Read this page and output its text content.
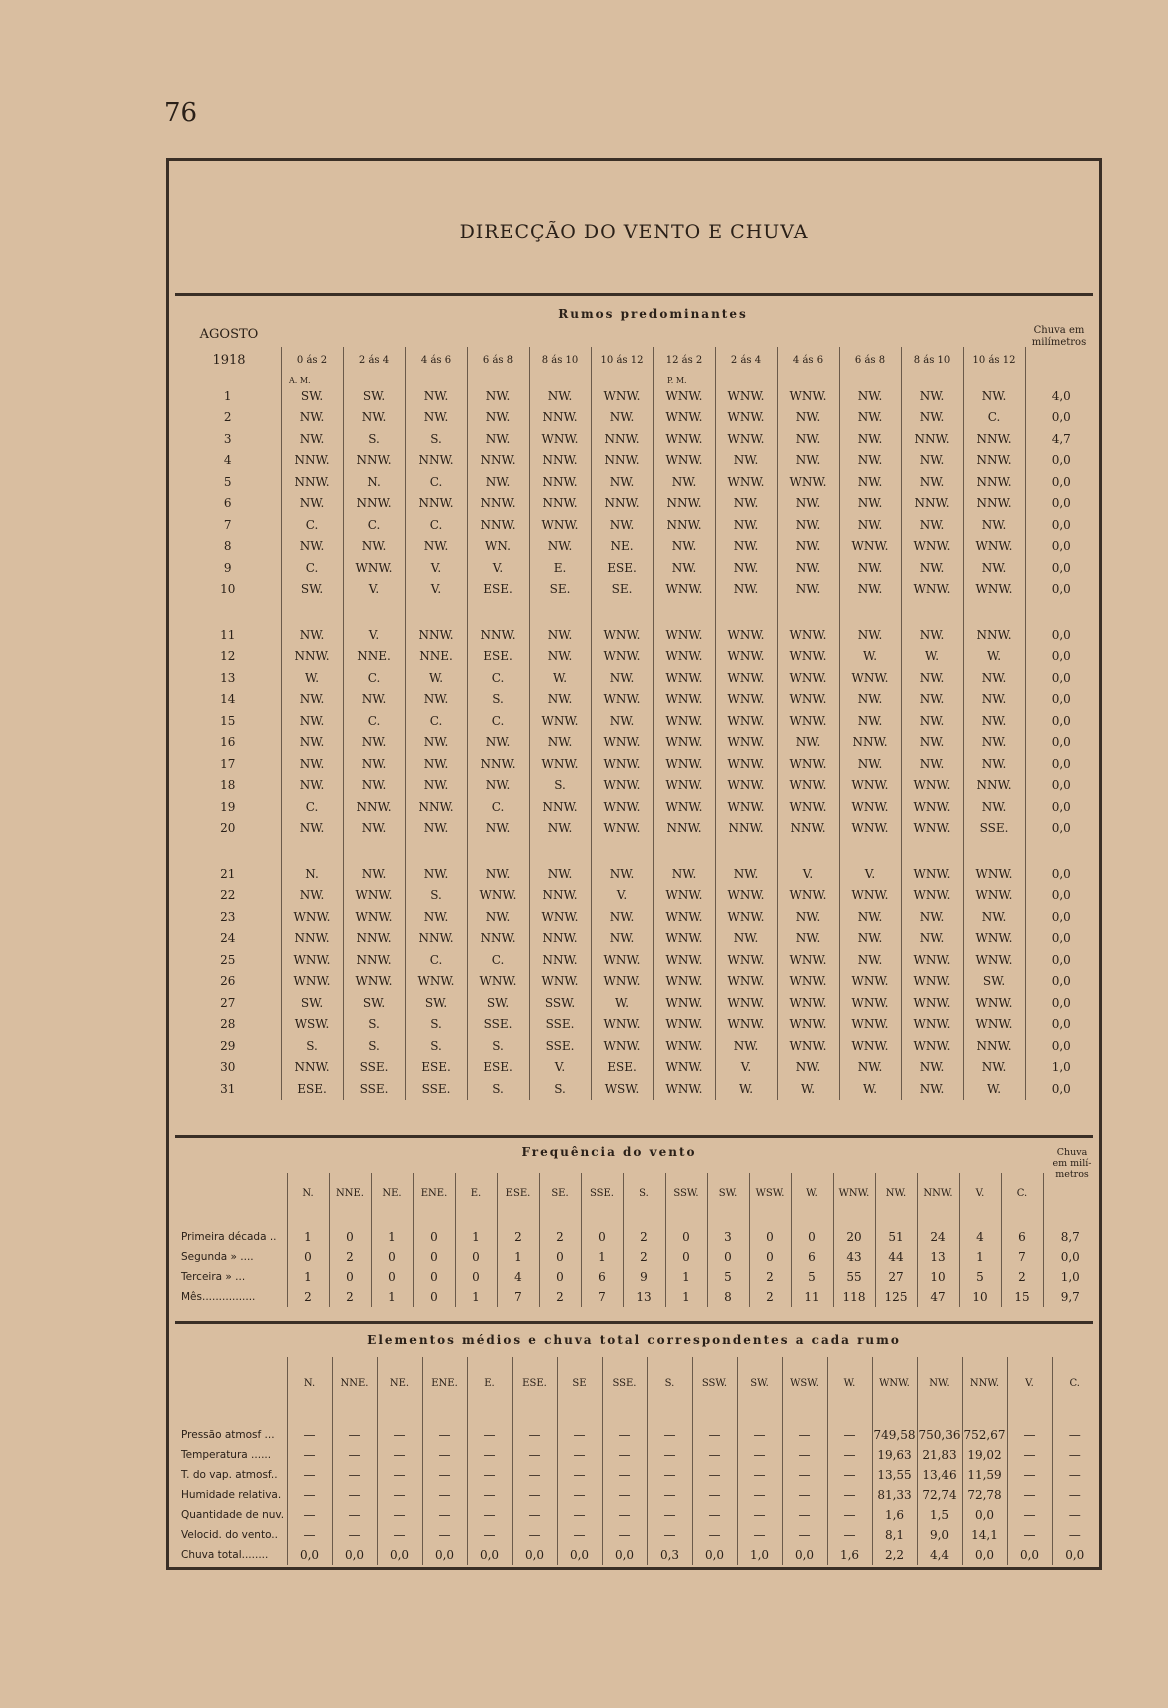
76
DIRECÇÃO DO VENTO E CHUVA
Rumos predominantes
AGOSTO
1918
Chuva em milímetros
A. M.	P. M.
	0 ás 2	2 ás 4	4 ás 6	6 ás 8	8 ás 10	10 ás 12	12 ás 2	2 ás 4	4 ás 6	6 ás 8	8 ás 10	10 ás 12	

1	SW.	SW.	NW.	NW.	NW.	WNW.	WNW.	WNW.	WNW.	NW.	NW.	NW.	4,0
2	NW.	NW.	NW.	NW.	NNW.	NW.	WNW.	WNW.	NW.	NW.	NW.	C.	0,0
3	NW.	S.	S.	NW.	WNW.	NNW.	WNW.	WNW.	NW.	NW.	NNW.	NNW.	4,7
4	NNW.	NNW.	NNW.	NNW.	NNW.	NNW.	WNW.	NW.	NW.	NW.	NW.	NNW.	0,0
5	NNW.	N.	C.	NW.	NNW.	NW.	NW.	WNW.	WNW.	NW.	NW.	NNW.	0,0
6	NW.	NNW.	NNW.	NNW.	NNW.	NNW.	NNW.	NW.	NW.	NW.	NNW.	NNW.	0,0
7	C.	C.	C.	NNW.	WNW.	NW.	NNW.	NW.	NW.	NW.	NW.	NW.	0,0
8	NW.	NW.	NW.	WN.	NW.	NE.	NW.	NW.	NW.	WNW.	WNW.	WNW.	0,0
9	C.	WNW.	V.	V.	E.	ESE.	NW.	NW.	NW.	NW.	NW.	NW.	0,0
10	SW.	V.	V.	ESE.	SE.	SE.	WNW.	NW.	NW.	NW.	WNW.	WNW.	0,0

11	NW.	V.	NNW.	NNW.	NW.	WNW.	WNW.	WNW.	WNW.	NW.	NW.	NNW.	0,0
12	NNW.	NNE.	NNE.	ESE.	NW.	WNW.	WNW.	WNW.	WNW.	W.	W.	W.	0,0
13	W.	C.	W.	C.	W.	NW.	WNW.	WNW.	WNW.	WNW.	NW.	NW.	0,0
14	NW.	NW.	NW.	S.	NW.	WNW.	WNW.	WNW.	WNW.	NW.	NW.	NW.	0,0
15	NW.	C.	C.	C.	WNW.	NW.	WNW.	WNW.	WNW.	NW.	NW.	NW.	0,0
16	NW.	NW.	NW.	NW.	NW.	WNW.	WNW.	WNW.	NW.	NNW.	NW.	NW.	0,0
17	NW.	NW.	NW.	NNW.	WNW.	WNW.	WNW.	WNW.	WNW.	NW.	NW.	NW.	0,0
18	NW.	NW.	NW.	NW.	S.	WNW.	WNW.	WNW.	WNW.	WNW.	WNW.	NNW.	0,0
19	C.	NNW.	NNW.	C.	NNW.	WNW.	WNW.	WNW.	WNW.	WNW.	WNW.	NW.	0,0
20	NW.	NW.	NW.	NW.	NW.	WNW.	NNW.	NNW.	NNW.	WNW.	WNW.	SSE.	0,0

21	N.	NW.	NW.	NW.	NW.	NW.	NW.	NW.	V.	V.	WNW.	WNW.	0,0
22	NW.	WNW.	S.	WNW.	NNW.	V.	WNW.	WNW.	WNW.	WNW.	WNW.	WNW.	0,0
23	WNW.	WNW.	NW.	NW.	WNW.	NW.	WNW.	WNW.	NW.	NW.	NW.	NW.	0,0
24	NNW.	NNW.	NNW.	NNW.	NNW.	NW.	WNW.	NW.	NW.	NW.	NW.	WNW.	0,0
25	WNW.	NNW.	C.	C.	NNW.	WNW.	WNW.	WNW.	WNW.	NW.	WNW.	WNW.	0,0
26	WNW.	WNW.	WNW.	WNW.	WNW.	WNW.	WNW.	WNW.	WNW.	WNW.	WNW.	SW.	0,0
27	SW.	SW.	SW.	SW.	SSW.	W.	WNW.	WNW.	WNW.	WNW.	WNW.	WNW.	0,0
28	WSW.	S.	S.	SSE.	SSE.	WNW.	WNW.	WNW.	WNW.	WNW.	WNW.	WNW.	0,0
29	S.	S.	S.	S.	SSE.	WNW.	WNW.	NW.	WNW.	WNW.	WNW.	NNW.	0,0
30	NNW.	SSE.	ESE.	ESE.	V.	ESE.	WNW.	V.	NW.	NW.	NW.	NW.	1,0
31	ESE.	SSE.	SSE.	S.	S.	WSW.	WNW.	W.	W.	W.	NW.	W.	0,0
Frequência do vento	Chuva em milí- metros
	N.	NNE.	NE.	ENE.	E.	ESE.	SE.	SSE.	S.	SSW.	SW.	WSW.	W.	WNW.	NW.	NNW.	V.	C.	

Primeira década ..	1	0	1	0	1	2	2	0	2	0	3	0	0	20	51	24	4	6	8,7
Segunda » ....	0	2	0	0	0	1	0	1	2	0	0	0	6	43	44	13	1	7	0,0
Terceira » ...	1	0	0	0	0	4	0	6	9	1	5	2	5	55	27	10	5	2	1,0
Mês................	2	2	1	0	1	7	2	7	13	1	8	2	11	118	125	47	10	15	9,7
Elementos médios e chuva total correspondentes a cada rumo
	N.	NNE.	NE.	ENE.	E.	ESE.	SE	SSE.	S.	SSW.	SW.	WSW.	W.	WNW.	NW.	NNW.	V.	C.

Pressão atmosf ...	—	—	—	—	—	—	—	—	—	—	—	—	—	749,58	750,36	752,67	—	—
Temperatura ......	—	—	—	—	—	—	—	—	—	—	—	—	—	19,63	21,83	19,02	—	—
T. do vap. atmosf..	—	—	—	—	—	—	—	—	—	—	—	—	—	13,55	13,46	11,59	—	—
Humidade relativa.	—	—	—	—	—	—	—	—	—	—	—	—	—	81,33	72,74	72,78	—	—
Quantidade de nuv.	—	—	—	—	—	—	—	—	—	—	—	—	—	1,6	1,5	0,0	—	—
Velocid. do vento..	—	—	—	—	—	—	—	—	—	—	—	—	—	8,1	9,0	14,1	—	—
Chuva total........	0,0	0,0	0,0	0,0	0,0	0,0	0,0	0,0	0,3	0,0	1,0	0,0	1,6	2,2	4,4	0,0	0,0	0,0
